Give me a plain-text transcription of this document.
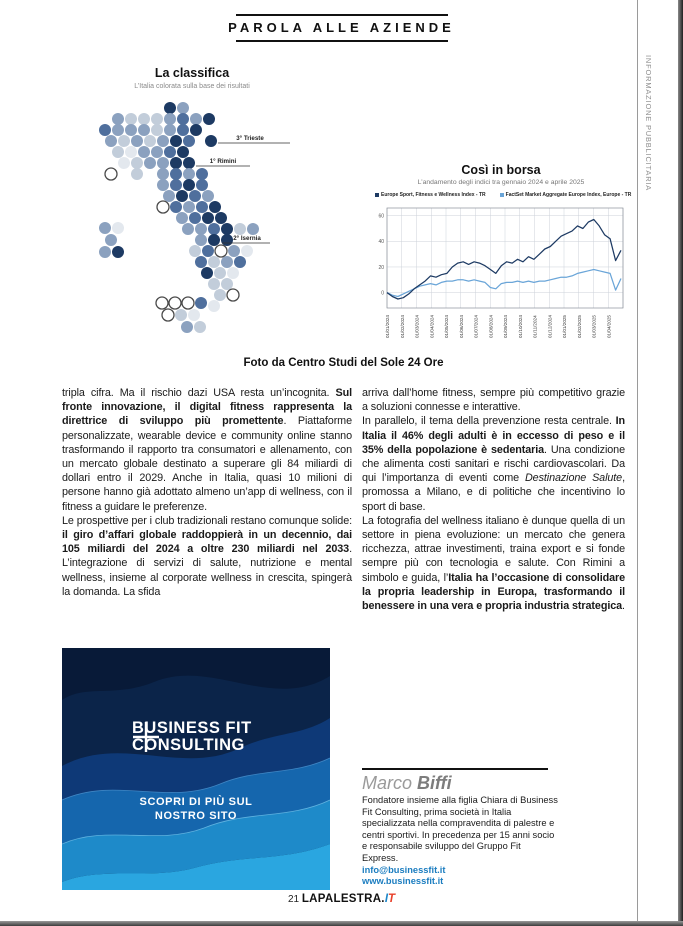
PAROLA ALLE AZIENDE
INFORMAZIONE PUBBLICITARIA
La classifica
L’Italia colorata sulla base dei risultati
3° Trieste
1° Rimini
2° Isernia
Così in borsa
L’andamento degli indici tra gennaio 2024 e aprile 2025
Europe Sport, Fitness e Wellness Index - TR	FactSet Market Aggregate Europe Index, Europe - TR
0
20
40
60
01/01/2024 01/02/2024 01/03/2024 01/04/2024 01/05/2024 01/06/2024 01/07/2024 01/08/2024 01/09/2024 01/10/2024 01/11/2024 01/12/2024 01/01/2025 01/02/2025 01/03/2025 01/04/2025
Foto da Centro Studi del Sole 24 Ore

tripla cifra. Ma il rischio dazi USA resta un’incognita. Sul fronte innovazione, il digital fitness rappresenta la direttrice di sviluppo più promettente. Piattaforme personalizzate, wearable device e community online stanno trasformando il rapporto tra consumatori e allenamento, con un mercato globale destinato a superare gli 84 miliardi di dollari entro il 2029. Anche in Italia, quasi 10 milioni di persone hanno già adottato almeno un’app di wellness, con il fitness a guidare le preferenze.

Le prospettive per i club tradizionali restano comunque solide: il giro d’affari globale raddoppierà in un decennio, dai 105 miliardi del 2024 a oltre 230 miliardi nel 2033. L’integrazione di servizi di salute, nutrizione e mental wellness, insieme al corporate wellness in crescita, spingerà la domanda. La sfida

arriva dall’home fitness, sempre più competitivo grazie a soluzioni connesse e interattive.

In parallelo, il tema della prevenzione resta centrale. In Italia il 46% degli adulti è in eccesso di peso e il 35% della popolazione è sedentaria. Una condizione che alimenta costi sanitari e rischi cardiovascolari. Da qui l’importanza di eventi come Destinazione Salute, promossa a Milano, e di politiche che incentivino lo sport di base.

La fotografia del wellness italiano è dunque quella di un settore in piena evoluzione: un mercato che genera ricchezza, attrae investimenti, traina export e si fonde sempre più con tecnologia e salute. Con Rimini a simbolo e guida, l’Italia ha l’occasione di consolidare la propria leadership in Europa, trasformando il benessere in una vera e propria industria strategica.

BUSINESS FIT
CONSULTING
SCOPRI DI PIÙ SUL
NOSTRO SITO
Marco Biffi
Fondatore insieme alla figlia Chiara di Business Fit Consulting, prima società in Italia specializzata nella compravendita di palestre e centri sportivi. In precedenza per 15 anni socio e responsabile sviluppo del Gruppo Fit Express.
info@businessfit.it
www.businessfit.it
21 LAPALESTRA.IT
